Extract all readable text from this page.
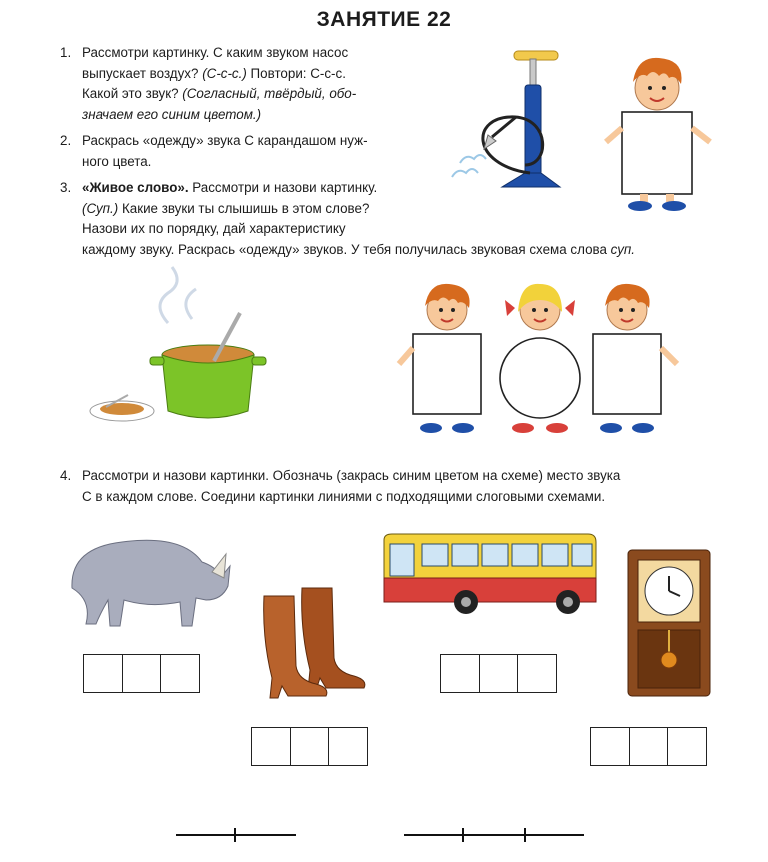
ЗАНЯТИЕ 22
1. Рассмотри картинку. С каким звуком насос
выпускает воздух? (С-с-с.) Повтори: С-с-с.
Какой это звук? (Согласный, твёрдый, обо-
значаем его синим цветом.)
2. Раскрась «одежду» звука С карандашом нуж-
ного цвета.
3. «Живое слово». Рассмотри и назови картинку.
(Суп.) Какие звуки ты слышишь в этом слове?
Назови их по порядку, дай характеристику
каждому звуку. Раскрась «одежду» звуков. У тебя получилась звуковая схема слова суп.
4. Рассмотри и назови картинки. Обозначь (закрась синим цветом на схеме) место звука
С в каждом слове. Соедини картинки линиями с подходящими слоговыми схемами.
